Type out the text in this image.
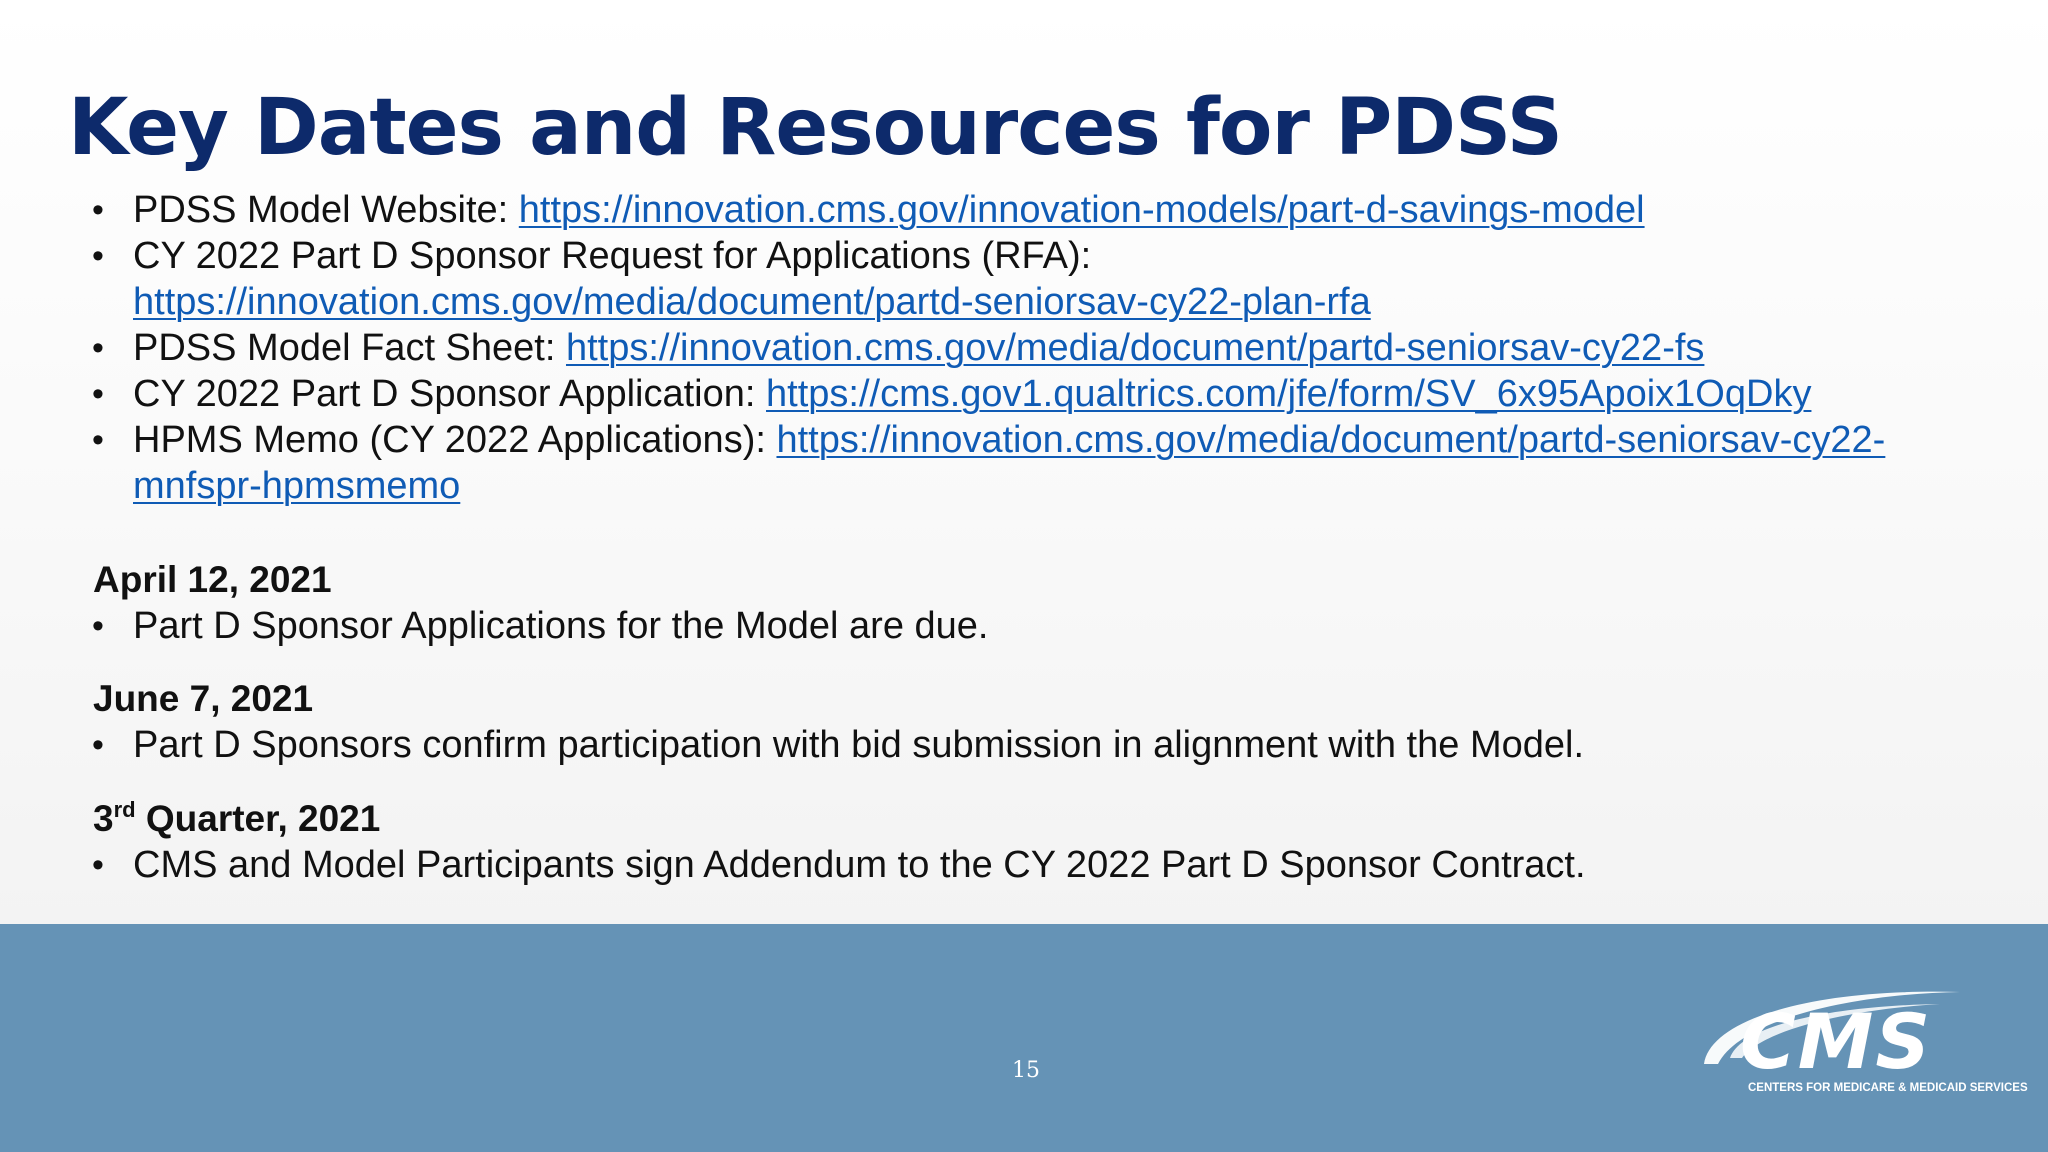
Key Dates and Resources for PDSS
• PDSS Model Website: https://innovation.cms.gov/innovation-models/part-d-savings-model
• CY 2022 Part D Sponsor Request for Applications (RFA):
https://innovation.cms.gov/media/document/partd-seniorsav-cy22-plan-rfa
• PDSS Model Fact Sheet: https://innovation.cms.gov/media/document/partd-seniorsav-cy22-fs
• CY 2022 Part D Sponsor Application: https://cms.gov1.qualtrics.com/jfe/form/SV_6x95Apoix1OqDky
• HPMS Memo (CY 2022 Applications): https://innovation.cms.gov/media/document/partd-seniorsav-cy22-
mnfspr-hpmsmemo
April 12, 2021
• Part D Sponsor Applications for the Model are due.
June 7, 2021
• Part D Sponsors confirm participation with bid submission in alignment with the Model.
3rd Quarter, 2021
• CMS and Model Participants sign Addendum to the CY 2022 Part D Sponsor Contract.
15	CMS
CENTERS FOR MEDICARE & MEDICAID SERVICES
